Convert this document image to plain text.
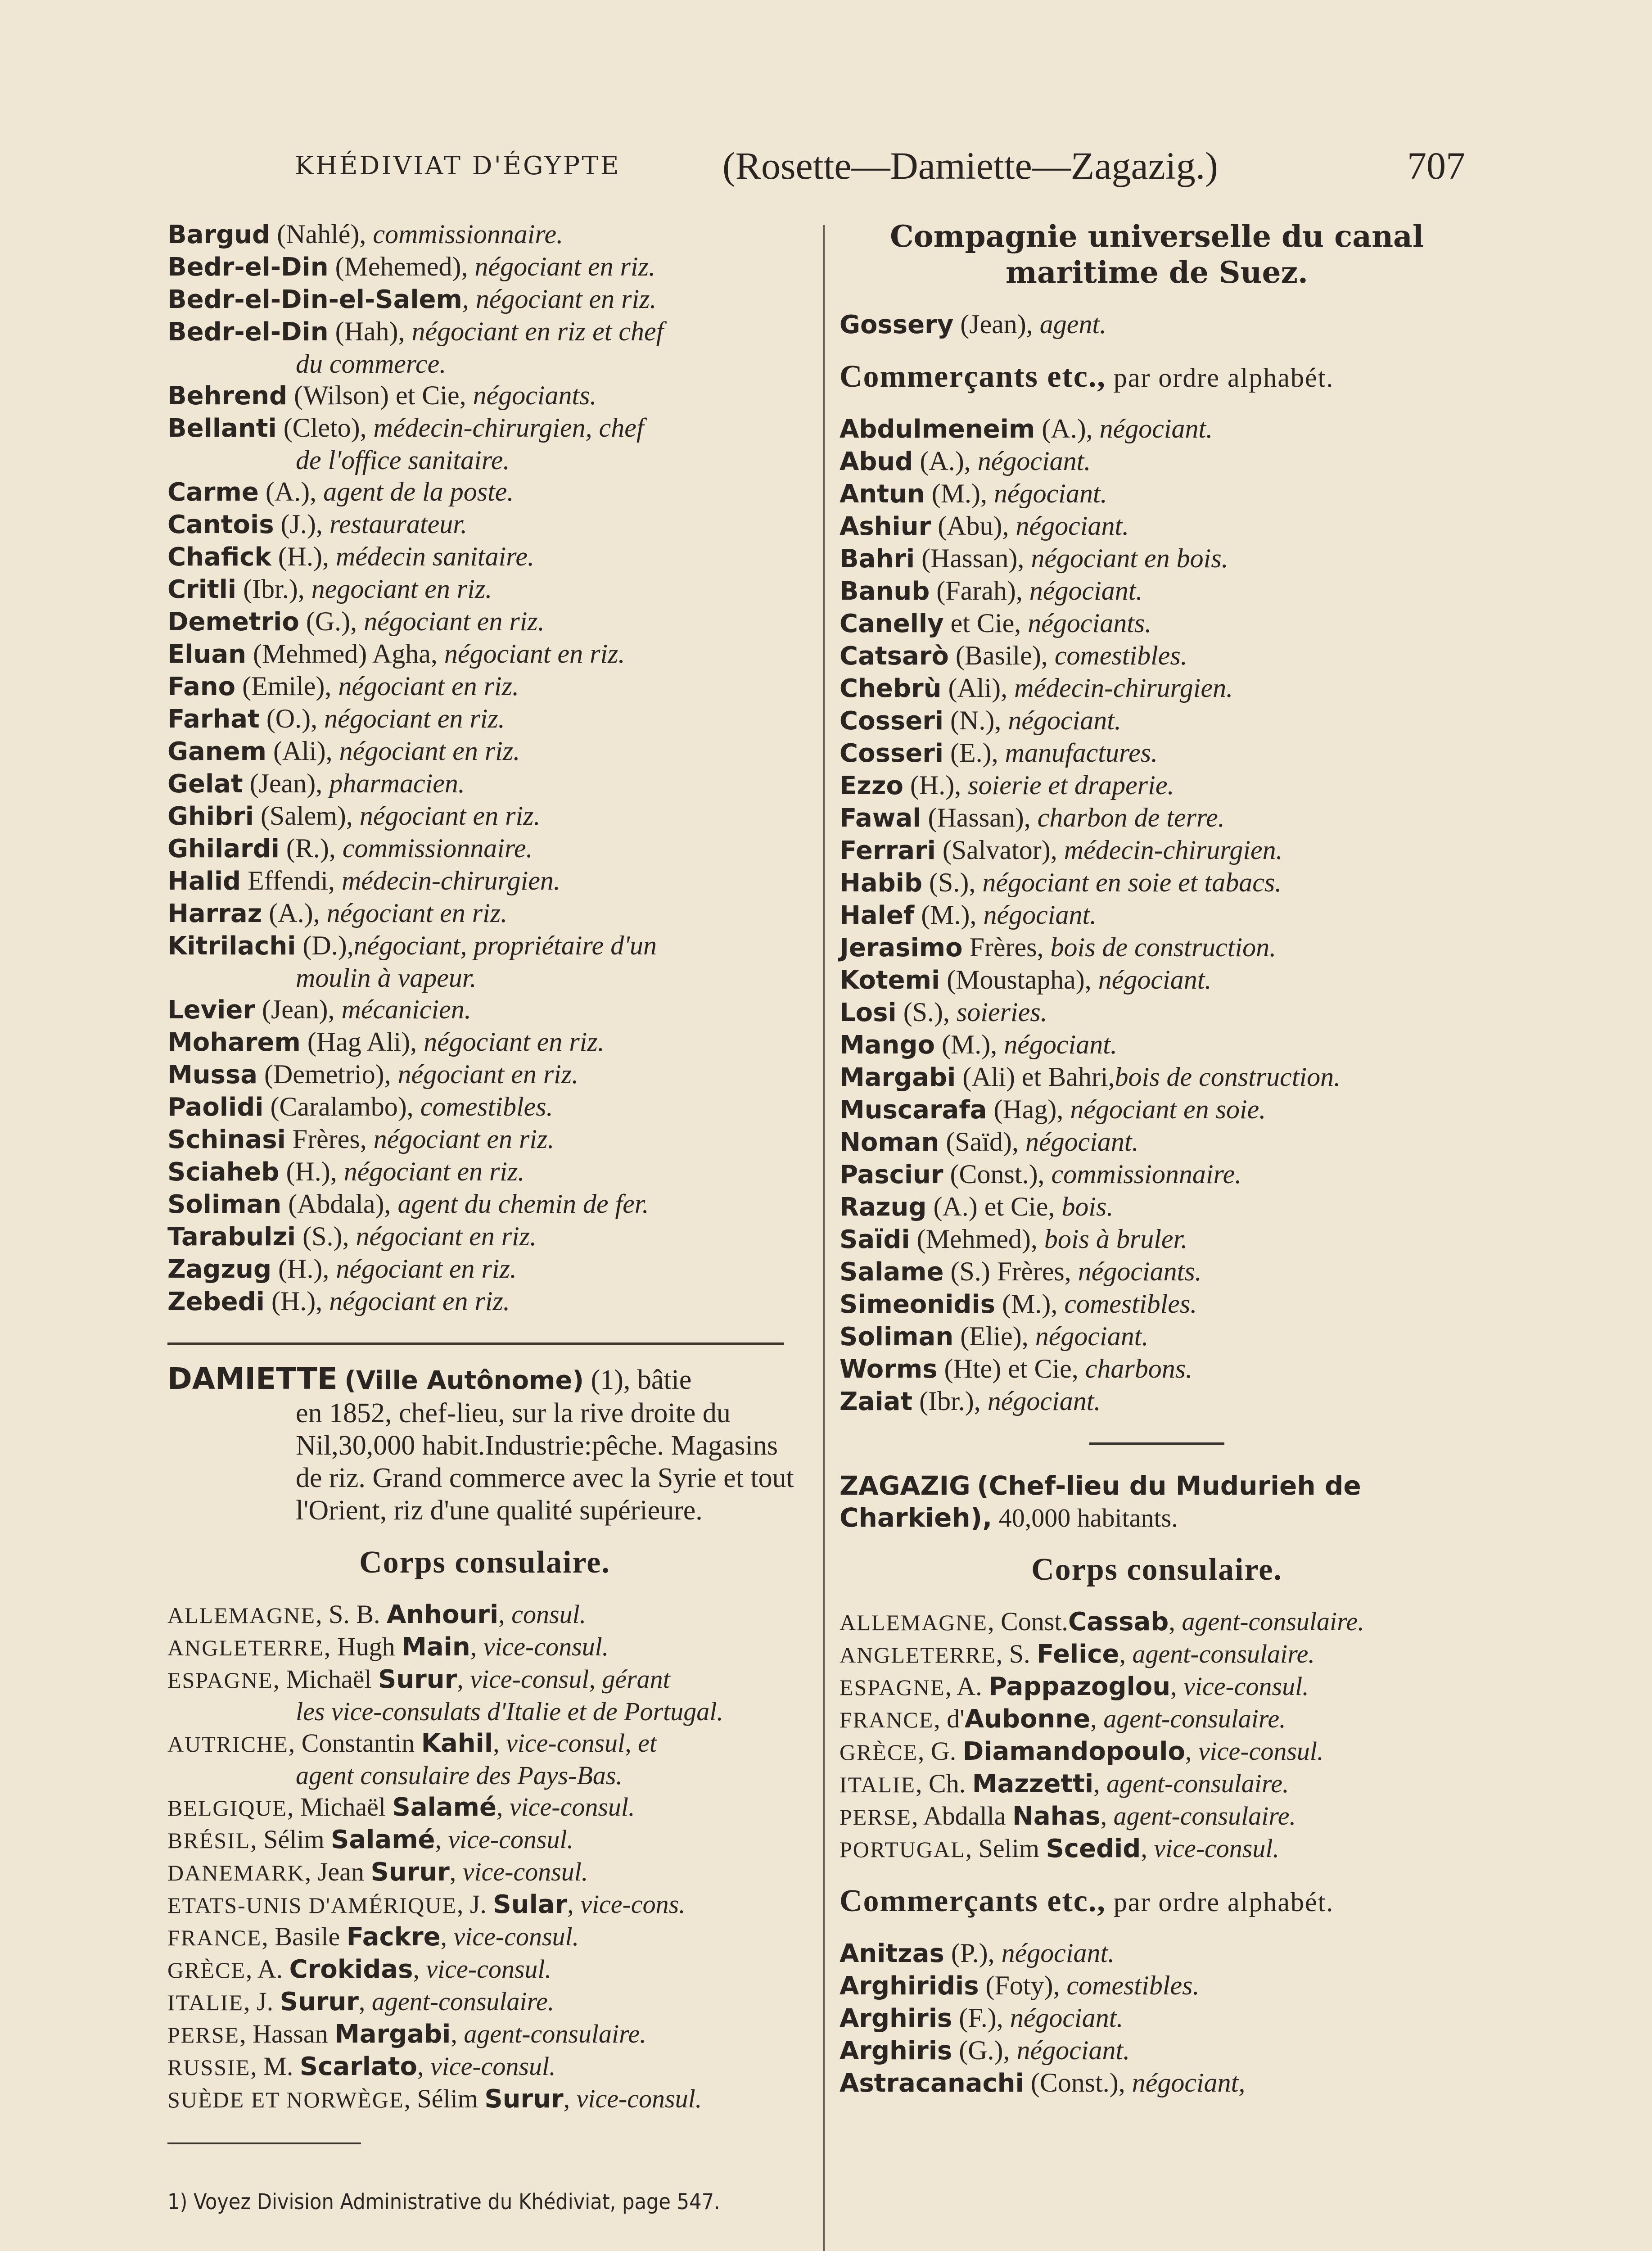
KHÉDIVIAT D'ÉGYPTE	(Rosette—Damiette—Zagazig.)	707

Bargud (Nahlé), commissionnaire.

Bedr-el-Din (Mehemed), négociant en riz.

Bedr-el-Din-el-Salem, négociant en riz.

Bedr-el-Din (Hah), négociant en riz et chef
du commerce.

Behrend (Wilson) et Cie, négociants.

Bellanti (Cleto), médecin-chirurgien, chef
de l'office sanitaire.

Carme (A.), agent de la poste.

Cantois (J.), restaurateur.

Chafick (H.), médecin sanitaire.

Critli (Ibr.), negociant en riz.

Demetrio (G.), négociant en riz.

Eluan (Mehmed) Agha, négociant en riz.

Fano (Emile), négociant en riz.

Farhat (O.), négociant en riz.

Ganem (Ali), négociant en riz.

Gelat (Jean), pharmacien.

Ghibri (Salem), négociant en riz.

Ghilardi (R.), commissionnaire.

Halid Effendi, médecin-chirurgien.

Harraz (A.), négociant en riz.

Kitrilachi (D.),négociant, propriétaire d'un
moulin à vapeur.

Levier (Jean), mécanicien.

Moharem (Hag Ali), négociant en riz.

Mussa (Demetrio), négociant en riz.

Paolidi (Caralambo), comestibles.

Schinasi Frères, négociant en riz.

Sciaheb (H.), négociant en riz.

Soliman (Abdala), agent du chemin de fer.

Tarabulzi (S.), négociant en riz.

Zagzug (H.), négociant en riz.

Zebedi (H.), négociant en riz.

DAMIETTE (Ville Autônome) (1), bâtie
en 1852, chef-lieu, sur la rive droite du Nil,30,000 habit.Industrie:pêche. Magasins de riz. Grand commerce avec la Syrie et tout l'Orient, riz d'une qualité supérieure.

Corps consulaire.

ALLEMAGNE, S. B. Anhouri, consul.

ANGLETERRE, Hugh Main, vice-consul.

ESPAGNE, Michaël Surur, vice-consul, gérant
les vice-consulats d'Italie et de Portugal.

AUTRICHE, Constantin Kahil, vice-consul, et
agent consulaire des Pays-Bas.

BELGIQUE, Michaël Salamé, vice-consul.

BRÉSIL, Sélim Salamé, vice-consul.

DANEMARK, Jean Surur, vice-consul.

ETATS-UNIS D'AMÉRIQUE, J. Sular, vice-cons.

FRANCE, Basile Fackre, vice-consul.

GRÈCE, A. Crokidas, vice-consul.

ITALIE, J. Surur, agent-consulaire.

PERSE, Hassan Margabi, agent-consulaire.

RUSSIE, M. Scarlato, vice-consul.

SUÈDE ET NORWÈGE, Sélim Surur, vice-consul.

1) Voyez Division Administrative du Khédiviat, page 547.
Compagnie universelle du canal maritime de Suez.

Gossery (Jean), agent.

Commerçants etc., par ordre alphabét.

Abdulmeneim (A.), négociant.

Abud (A.), négociant.

Antun (M.), négociant.

Ashiur (Abu), négociant.

Bahri (Hassan), négociant en bois.

Banub (Farah), négociant.

Canelly et Cie, négociants.

Catsarò (Basile), comestibles.

Chebrù (Ali), médecin-chirurgien.

Cosseri (N.), négociant.

Cosseri (E.), manufactures.

Ezzo (H.), soierie et draperie.

Fawal (Hassan), charbon de terre.

Ferrari (Salvator), médecin-chirurgien.

Habib (S.), négociant en soie et tabacs.

Halef (M.), négociant.

Jerasimo Frères, bois de construction.

Kotemi (Moustapha), négociant.

Losi (S.), soieries.

Mango (M.), négociant.

Margabi (Ali) et Bahri,bois de construction.

Muscarafa (Hag), négociant en soie.

Noman (Saïd), négociant.

Pasciur (Const.), commissionnaire.

Razug (A.) et Cie, bois.

Saïdi (Mehmed), bois à bruler.

Salame (S.) Frères, négociants.

Simeonidis (M.), comestibles.

Soliman (Elie), négociant.

Worms (Hte) et Cie, charbons.

Zaiat (Ibr.), négociant.

ZAGAZIG (Chef-lieu du Mudurieh de Charkieh), 40,000 habitants.

Corps consulaire.

ALLEMAGNE, Const.Cassab, agent-consulaire.

ANGLETERRE, S. Felice, agent-consulaire.

ESPAGNE, A. Pappazoglou, vice-consul.

FRANCE, d'Aubonne, agent-consulaire.

GRÈCE, G. Diamandopoulo, vice-consul.

ITALIE, Ch. Mazzetti, agent-consulaire.

PERSE, Abdalla Nahas, agent-consulaire.

PORTUGAL, Selim Scedid, vice-consul.

Commerçants etc., par ordre alphabét.

Anitzas (P.), négociant.

Arghiridis (Foty), comestibles.

Arghiris (F.), négociant.

Arghiris (G.), négociant.

Astracanachi (Const.), négociant,
